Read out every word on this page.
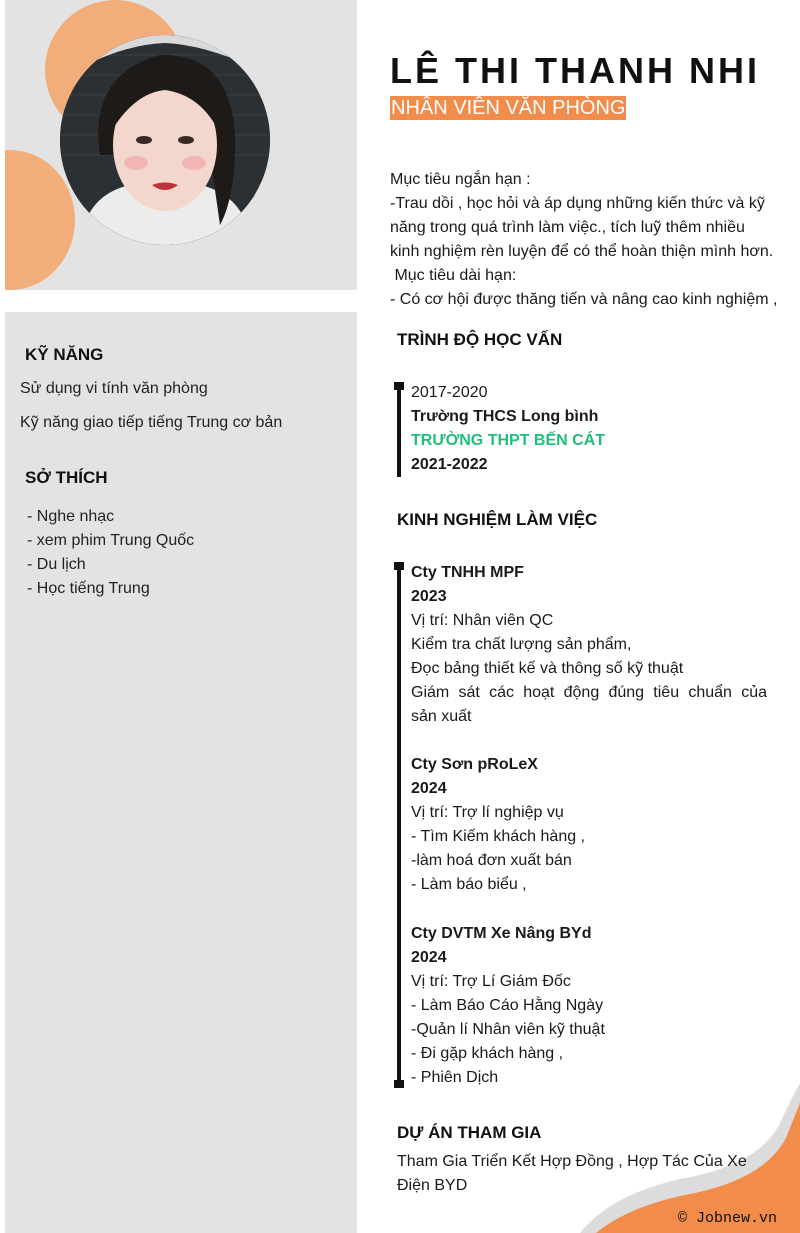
KỸ NĂNG
Sử dụng vi tính văn phòng
Kỹ năng giao tiếp tiếng Trung cơ bản
SỞ THÍCH
- Nghe nhạc
- xem phim Trung Quốc
- Du lịch
- Học tiếng Trung
LÊ THI THANH NHI
NHÂN VIÊN VĂN PHÒNG
Mục tiêu ngắn hạn :
-Trau dồi , học hỏi và áp dụng những kiến thức và kỹ
năng trong quá trình làm việc., tích luỹ thêm nhiều
kinh nghiệm rèn luyện để có thể hoàn thiện mình hơn.
Mục tiêu dài hạn:
- Có cơ hội được thăng tiến và nâng cao kinh nghiệm ,
TRÌNH ĐỘ HỌC VẤN
2017-2020
Trường THCS Long bình
TRƯỜNG THPT BẾN CÁT
2021-2022
KINH NGHIỆM LÀM VIỆC
Cty TNHH MPF
2023
Vị trí: Nhân viên QC
Kiểm tra chất lượng sản phẩm,
Đọc bảng thiết kế và thông số kỹ thuật
Giám sát các hoạt động đúng tiêu chuẩn của
sản xuất
Cty Sơn pRoLeX
2024
Vị trí: Trợ lí nghiệp vụ
- Tìm Kiếm khách hàng ,
-làm hoá đơn xuất bán
- Làm báo biểu ,
Cty DVTM Xe Nâng BYd
2024
Vị trí: Trợ Lí Giám Đốc
- Làm Báo Cáo Hằng Ngày
-Quản lí Nhân viên kỹ thuật
- Đi gặp khách hàng ,
- Phiên Dịch
DỰ ÁN THAM GIA
Tham Gia Triển Kết Hợp Đồng , Hợp Tác Của Xe
Điện BYD
© Jobnew.vn
